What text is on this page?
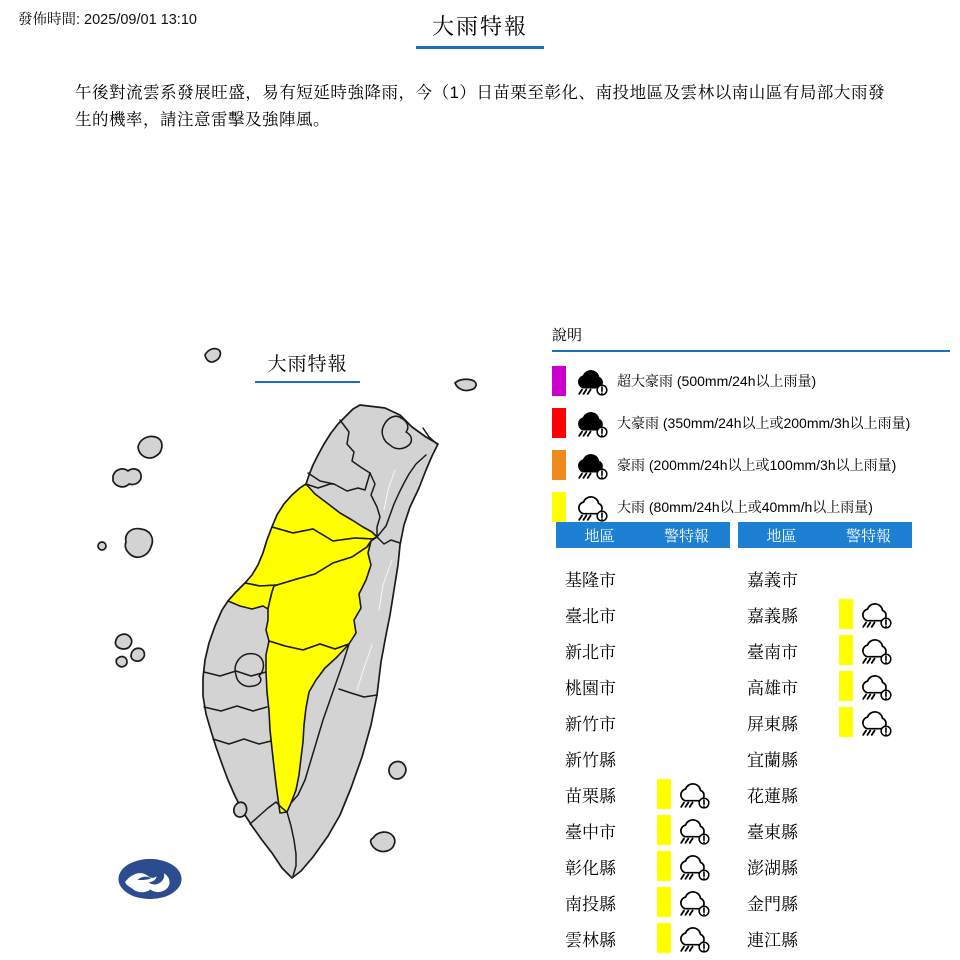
發佈時間: 2025/09/01 13:10	大雨特報
午後對流雲系發展旺盛，易有短延時強降雨，今（1）日苗栗至彰化、南投地區及雲林以南山區有局部大雨發生的機率，請注意雷擊及強陣風。
大雨特報
說明
超大豪雨 (500mm/24h以上雨量)
大豪雨 (350mm/24h以上或200mm/3h以上雨量)
豪雨 (200mm/24h以上或100mm/3h以上雨量)
大雨 (80mm/24h以上或40mm/h以上雨量)
地區	警特報
基隆市
臺北市
新北市
桃園市
新竹市
新竹縣
苗栗縣
臺中市
彰化縣
南投縣
雲林縣
地區	警特報
嘉義市
嘉義縣
臺南市
高雄市
屏東縣
宜蘭縣
花蓮縣
臺東縣
澎湖縣
金門縣
連江縣
